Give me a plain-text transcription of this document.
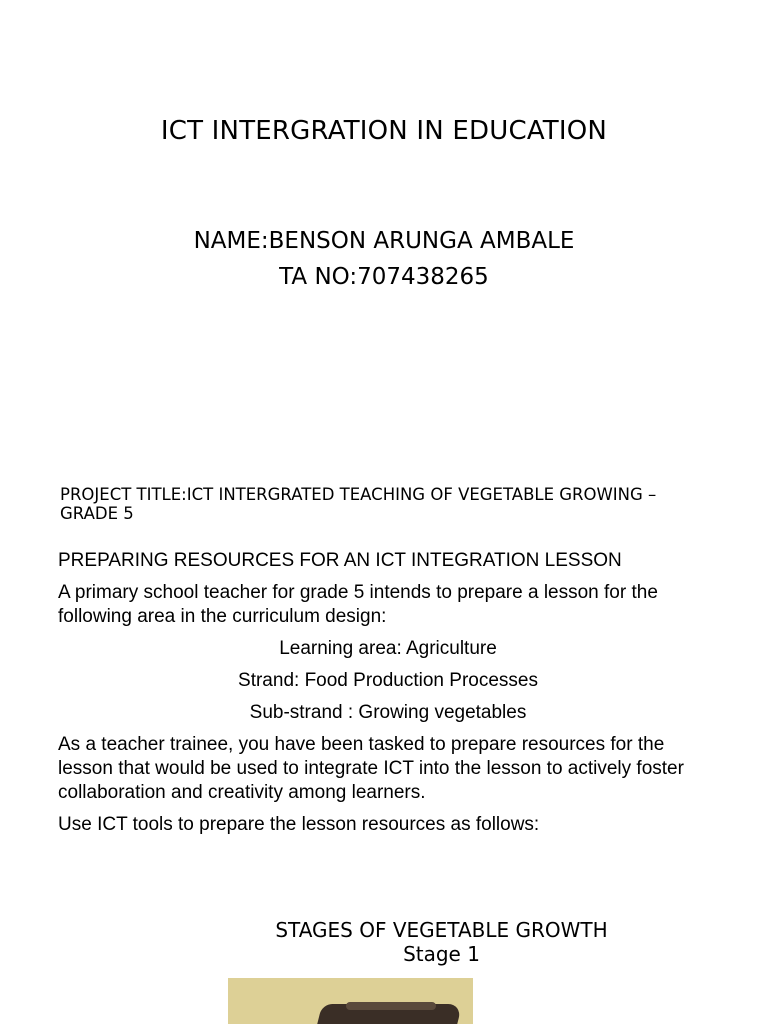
ICT INTERGRATION IN EDUCATION
NAME:BENSON ARUNGA AMBALE
TA NO:707438265
PROJECT TITLE:ICT INTERGRATED TEACHING OF VEGETABLE GROWING –GRADE 5

PREPARING RESOURCES FOR AN ICT INTEGRATION LESSON

A primary school teacher for grade 5 intends to prepare a lesson for the following area in the curriculum design:

Learning area: Agriculture

Strand: Food Production Processes

Sub-strand : Growing vegetables

As a teacher trainee, you have been tasked to prepare resources for the lesson that would be used to integrate ICT into the lesson to actively foster collaboration and creativity among learners.

Use ICT tools to prepare the lesson resources as follows:

STAGES OF VEGETABLE GROWTH
Stage 1
